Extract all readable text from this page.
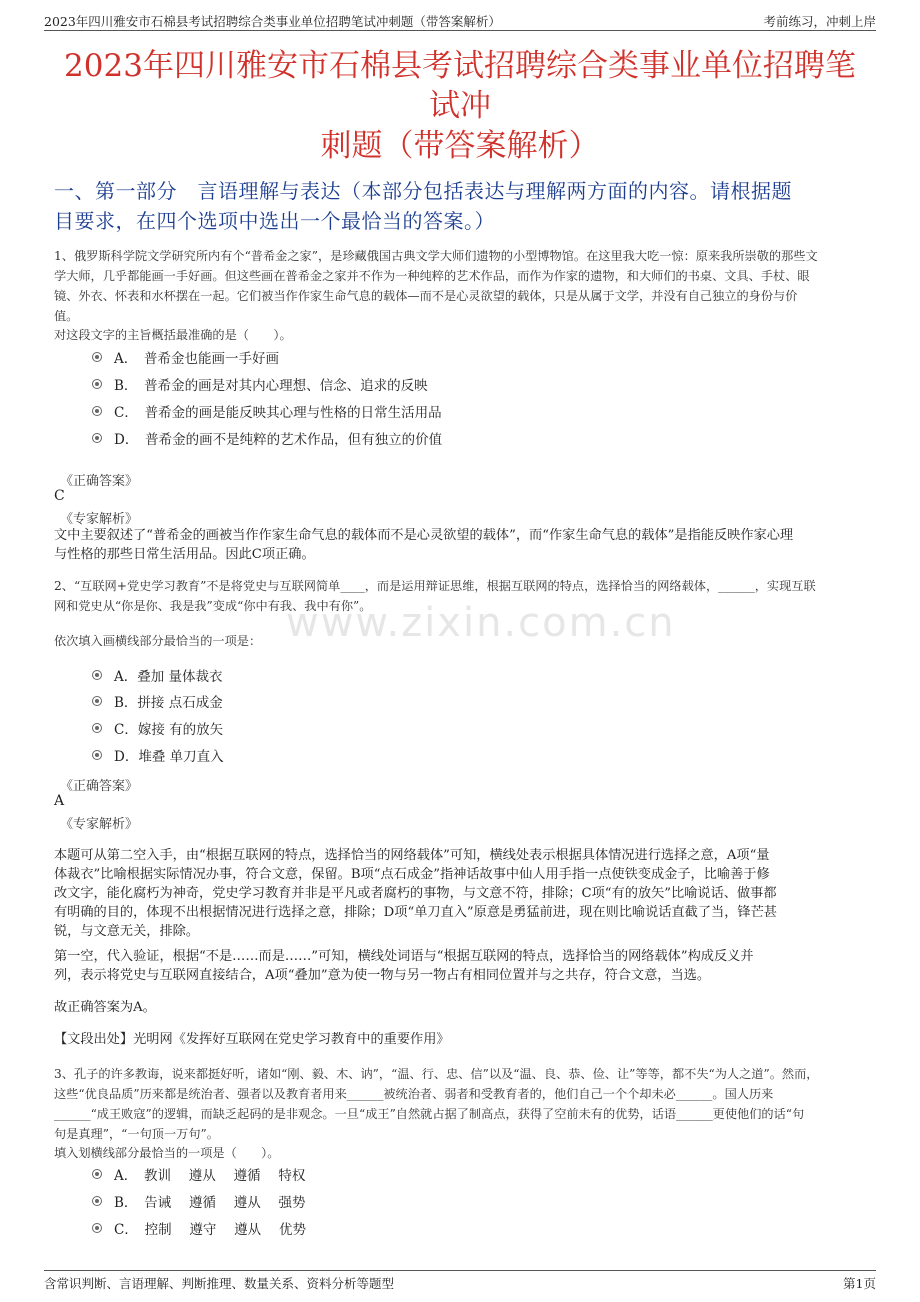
2023年四川雅安市石棉县考试招聘综合类事业单位招聘笔试冲刺题（带答案解析）	考前练习，冲刺上岸
2023年四川雅安市石棉县考试招聘综合类事业单位招聘笔试冲
刺题（带答案解析）
一、第一部分　言语理解与表达（本部分包括表达与理解两方面的内容。请根据题
目要求，在四个选项中选出一个最恰当的答案。）
www.zixin.com.cn
1、俄罗斯科学院文学研究所内有个“普希金之家”，是珍藏俄国古典文学大师们遗物的小型博物馆。在这里我大吃一惊：原来我所崇敬的那些文
学大师，几乎都能画一手好画。但这些画在普希金之家并不作为一种纯粹的艺术作品，而作为作家的遗物，和大师们的书桌、文具、手杖、眼
镜、外衣、怀表和水杯摆在一起。它们被当作作家生命气息的载体—而不是心灵欲望的载体，只是从属于文学，并没有自己独立的身份与价
值。
对这段文字的主旨概括最准确的是（　　）。
A．　普希金也能画一手好画
B．　普希金的画是对其内心理想、信念、追求的反映
C．　普希金的画是能反映其心理与性格的日常生活用品
D．　普希金的画不是纯粹的艺术作品，但有独立的价值
《正确答案》
C
《专家解析》
文中主要叙述了“普希金的画被当作作家生命气息的载体而不是心灵欲望的载体”，而“作家生命气息的载体”是指能反映作家心理
与性格的那些日常生活用品。因此C项正确。
2、“互联网+党史学习教育”不是将党史与互联网简单____，而是运用辩证思维，根据互联网的特点，选择恰当的网络载体，______，实现互联
网和党史从“你是你、我是我”变成“你中有我、我中有你”。
依次填入画横线部分最恰当的一项是：
A．叠加 量体裁衣
B．拼接 点石成金
C．嫁接 有的放矢
D．堆叠 单刀直入
《正确答案》
A
《专家解析》
本题可从第二空入手，由“根据互联网的特点，选择恰当的网络载体”可知，横线处表示根据具体情况进行选择之意，A项“量
体裁衣”比喻根据实际情况办事，符合文意，保留。B项“点石成金”指神话故事中仙人用手指一点使铁变成金子，比喻善于修
改文字，能化腐朽为神奇，党史学习教育并非是平凡或者腐朽的事物，与文意不符，排除；C项“有的放矢”比喻说话、做事都
有明确的目的，体现不出根据情况进行选择之意，排除；D项“单刀直入”原意是勇猛前进，现在则比喻说话直截了当，锋芒甚
锐，与文意无关，排除。
第一空，代入验证，根据“不是……而是……”可知，横线处词语与“根据互联网的特点，选择恰当的网络载体”构成反义并
列，表示将党史与互联网直接结合，A项“叠加”意为使一物与另一物占有相同位置并与之共存，符合文意，当选。
故正确答案为A。
【文段出处】光明网《发挥好互联网在党史学习教育中的重要作用》
3、孔子的许多教诲，说来都挺好听，诸如“刚、毅、木、讷”，“温、行、忠、信”以及“温、良、恭、俭、让”等等，都不失“为人之道”。然而，
这些“优良品质”历来都是统治者、强者以及教育者用来______被统治者、弱者和受教育者的，他们自己一个个却未必______。国人历来
______“成王败寇”的逻辑，而缺乏起码的是非观念。一旦“成王”自然就占据了制高点，获得了空前未有的优势，话语______更使他们的话“句
句是真理”，“一句顶一万句”。
填入划横线部分最恰当的一项是（　　）。
A．　教训　 遵从　 遵循　 特权
B．　告诫　 遵循　 遵从　 强势
C．　控制　 遵守　 遵从　 优势
含常识判断、言语理解、判断推理、数量关系、资料分析等题型	第1页
